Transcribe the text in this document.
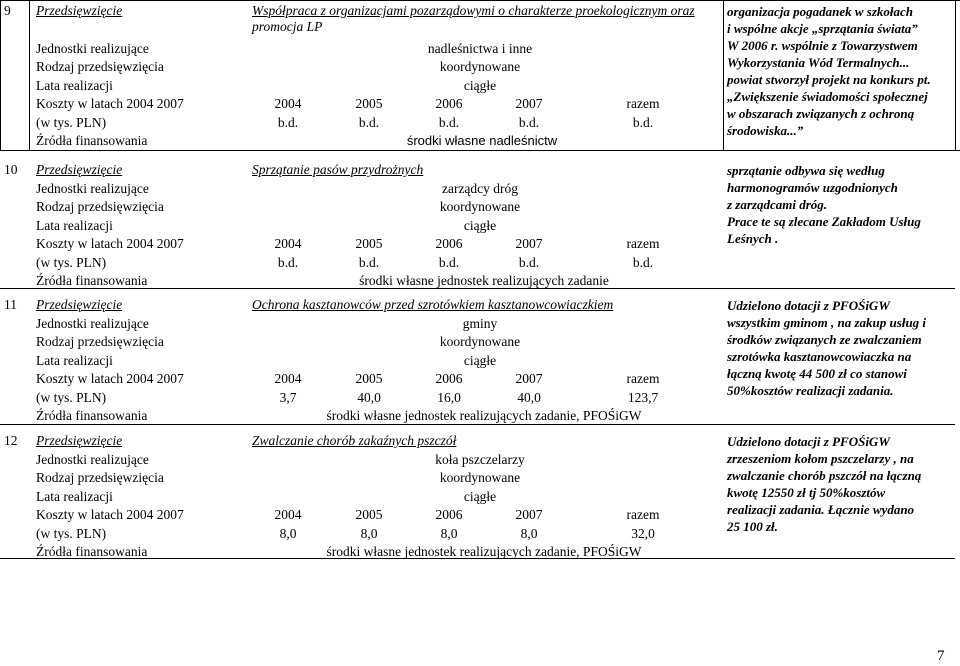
9 Przedsięwzięcie	Współpraca z organizacjami pozarządowymi o charakterze proekologicznym oraz
promocja LP
Jednostki realizujące	nadleśnictwa i inne
Rodzaj przedsięwzięcia	koordynowane
Lata realizacji	ciągłe
Koszty w latach 2004 2007	2004	2005	2006	2007	razem
(w tys. PLN)	b.d.	b.d.	b.d.	b.d.	b.d.
Źródła finansowania	środki własne nadleśnictw
organizacja pogadanek w szkołach
i wspólne akcje „sprzątania świata”
W 2006 r. wspólnie z Towarzystwem
Wykorzystania Wód Termalnych...
powiat stworzył projekt na konkurs pt.
„Zwiększenie świadomości społecznej
w obszarach związanych z ochroną
środowiska...”
10 Przedsięwzięcie	Sprzątanie pasów przydrożnych
Jednostki realizujące	zarządcy dróg
Rodzaj przedsięwzięcia	koordynowane
Lata realizacji	ciągłe
Koszty w latach 2004 2007	2004	2005	2006	2007	razem
(w tys. PLN)	b.d.	b.d.	b.d.	b.d.	b.d.
Źródła finansowania	środki własne jednostek realizujących zadanie
sprzątanie odbywa się według
harmonogramów uzgodnionych
z zarządcami dróg.
Prace te są zlecane Zakładom Usług
Leśnych .
11 Przedsięwzięcie	Ochrona kasztanowców przed szrotówkiem kasztanowcowiaczkiem
Jednostki realizujące	gminy
Rodzaj przedsięwzięcia	koordynowane
Lata realizacji	ciągłe
Koszty w latach 2004 2007	2004	2005	2006	2007	razem
(w tys. PLN)	3,7	40,0	16,0	40,0	123,7
Źródła finansowania	środki własne jednostek realizujących zadanie, PFOŚiGW
Udzielono dotacji z PFOŚiGW
wszystkim gminom , na zakup usług i
środków związanych ze zwalczaniem
szrotówka kasztanowcowiaczka na
łączną kwotę 44 500 zł co stanowi
50%kosztów realizacji zadania.
12 Przedsięwzięcie	Zwalczanie chorób zakaźnych pszczół
Jednostki realizujące	koła pszczelarzy
Rodzaj przedsięwzięcia	koordynowane
Lata realizacji	ciągłe
Koszty w latach 2004 2007	2004	2005	2006	2007	razem
(w tys. PLN)	8,0	8,0	8,0	8,0	32,0
Źródła finansowania	środki własne jednostek realizujących zadanie, PFOŚiGW
Udzielono dotacji z PFOŚiGW
zrzeszeniom kołom pszczelarzy , na
zwalczanie chorób pszczół na łączną
kwotę 12550 zł tj 50%kosztów
realizacji zadania. Łącznie wydano
25 100 zł.
7
